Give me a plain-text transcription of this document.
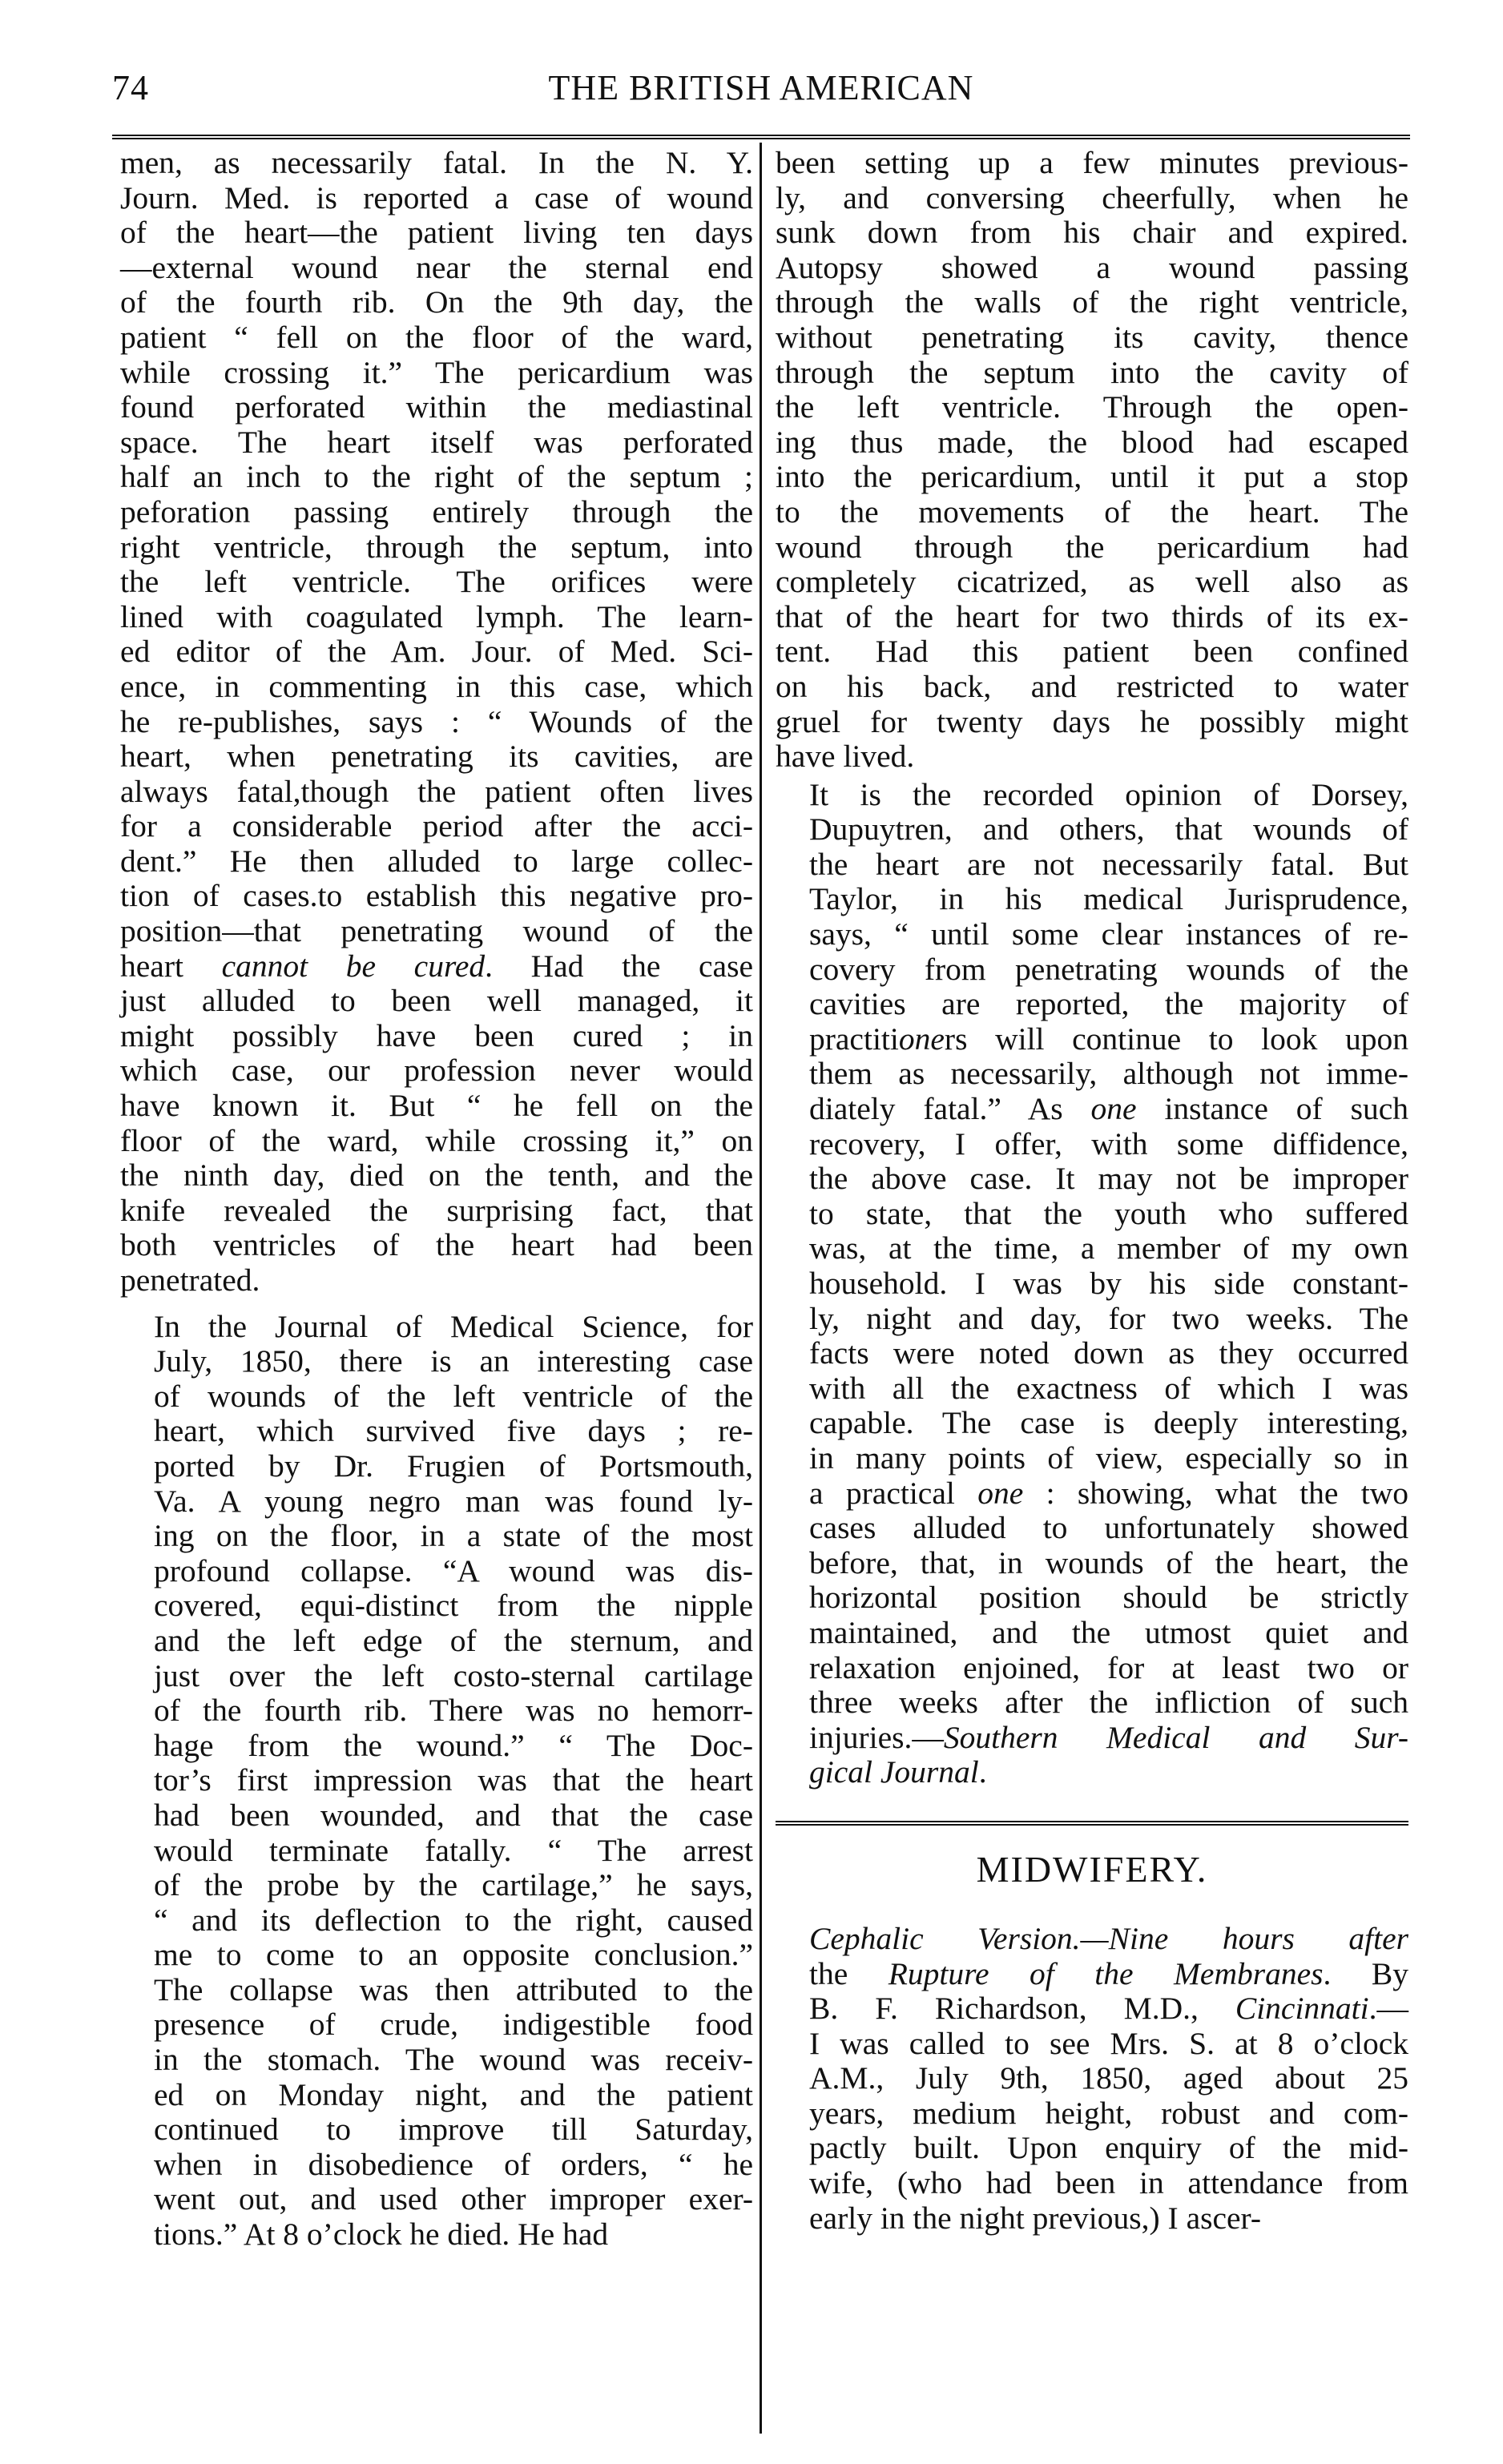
74	THE BRITISH AMERICAN

men, as necessarily fatal. In the N. Y.
Journ. Med. is reported a case of wound
of the heart—the patient living ten days
—external wound near the sternal end
of the fourth rib. On the 9th day, the
patient “ fell on the floor of the ward,
while crossing it.” The pericardium was
found perforated within the mediastinal
space. The heart itself was perforated
half an inch to the right of the septum ;
peforation passing entirely through the
right ventricle, through the septum, into
the left ventricle. The orifices were
lined with coagulated lymph. The learn-
ed editor of the Am. Jour. of Med. Sci-
ence, in commenting in this case, which
he re-publishes, says : “ Wounds of the
heart, when penetrating its cavities, are
always fatal,though the patient often lives
for a considerable period after the acci-
dent.” He then alluded to large collec-
tion of cases.to establish this negative pro-
position—that penetrating wound of the
heart cannot be cured. Had the case
just alluded to been well managed, it
might possibly have been cured ; in
which case, our profession never would
have known it. But “ he fell on the
floor of the ward, while crossing it,” on
the ninth day, died on the tenth, and the
knife revealed the surprising fact, that
both ventricles of the heart had been
penetrated.

In the Journal of Medical Science, for
July, 1850, there is an interesting case
of wounds of the left ventricle of the
heart, which survived five days ; re-
ported by Dr. Frugien of Portsmouth,
Va. A young negro man was found ly-
ing on the floor, in a state of the most
profound collapse. “A wound was dis-
covered, equi-distinct from the nipple
and the left edge of the sternum, and
just over the left costo-sternal cartilage
of the fourth rib. There was no hemorr-
hage from the wound.” “ The Doc-
tor’s first impression was that the heart
had been wounded, and that the case
would terminate fatally. “ The arrest
of the probe by the cartilage,” he says,
“ and its deflection to the right, caused
me to come to an opposite conclusion.”
The collapse was then attributed to the
presence of crude, indigestible food
in the stomach. The wound was receiv-
ed on Monday night, and the patient
continued to improve till Saturday,
when in disobedience of orders, “ he
went out, and used other improper exer-
tions.” At 8 o’clock he died. He had

been setting up a few minutes previous-
ly, and conversing cheerfully, when he
sunk down from his chair and expired.
Autopsy showed a wound passing
through the walls of the right ventricle,
without penetrating its cavity, thence
through the septum into the cavity of
the left ventricle. Through the open-
ing thus made, the blood had escaped
into the pericardium, until it put a stop
to the movements of the heart. The
wound through the pericardium had
completely cicatrized, as well also as
that of the heart for two thirds of its ex-
tent. Had this patient been confined
on his back, and restricted to water
gruel for twenty days he possibly might
have lived.

It is the recorded opinion of Dorsey,
Dupuytren, and others, that wounds of
the heart are not necessarily fatal. But
Taylor, in his medical Jurisprudence,
says, “ until some clear instances of re-
covery from penetrating wounds of the
cavities are reported, the majority of
practitioners will continue to look upon
them as necessarily, although not imme-
diately fatal.” As one instance of such
recovery, I offer, with some diffidence,
the above case. It may not be improper
to state, that the youth who suffered
was, at the time, a member of my own
household. I was by his side constant-
ly, night and day, for two weeks. The
facts were noted down as they occurred
with all the exactness of which I was
capable. The case is deeply interesting,
in many points of view, especially so in
a practical one : showing, what the two
cases alluded to unfortunately showed
before, that, in wounds of the heart, the
horizontal position should be strictly
maintained, and the utmost quiet and
relaxation enjoined, for at least two or
three weeks after the infliction of such
injuries.—Southern Medical and Sur-
gical Journal.

MIDWIFERY.

Cephalic Version.—Nine hours after
the Rupture of the Membranes. By
B. F. Richardson, M.D., Cincinnati.—
I was called to see Mrs. S. at 8 o’clock
A.M., July 9th, 1850, aged about 25
years, medium height, robust and com-
pactly built. Upon enquiry of the mid-
wife, (who had been in attendance from
early in the night previous,) I ascer-
